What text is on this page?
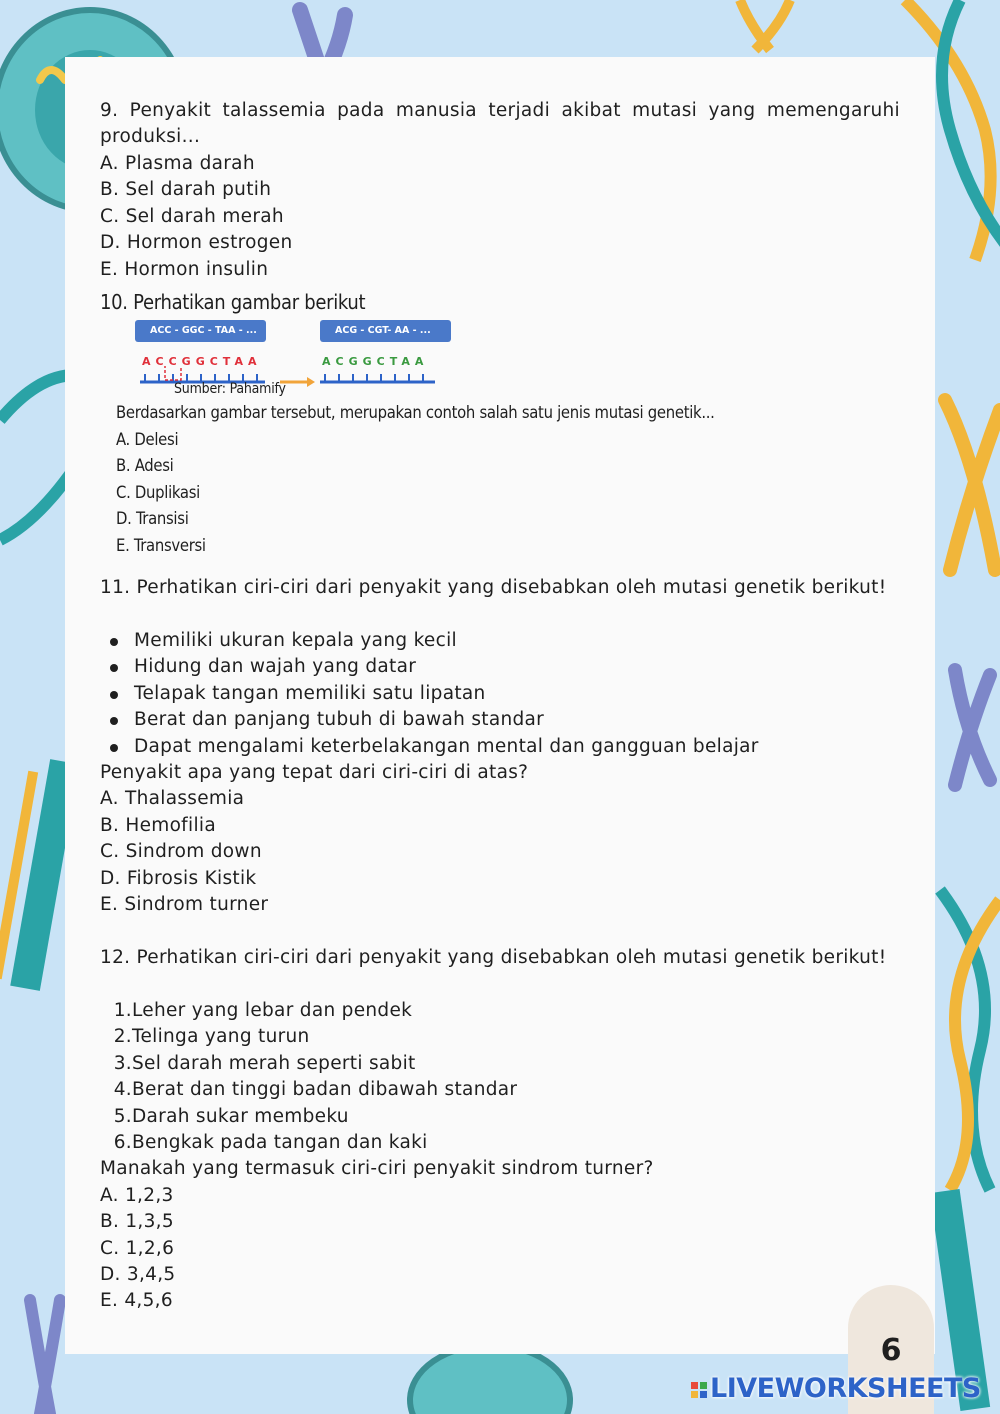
9. Penyakit talassemia pada manusia terjadi akibat mutasi yang memengaruhi produksi...
A. Plasma darah
B. Sel darah putih
C. Sel darah merah
D. Hormon estrogen
E. Hormon insulin
10. Perhatikan gambar berikut
ACC - GGC - TAA - ...	ACG - CGT- AA - ...
ACCGGCTAA	ACGGCTAA
Sumber: Pahamify
Berdasarkan gambar tersebut, merupakan contoh salah satu jenis mutasi genetik...
A. Delesi
B. Adesi
C. Duplikasi
D. Transisi
E. Transversi
11. Perhatikan ciri-ciri dari penyakit yang disebabkan oleh mutasi genetik berikut!
Memiliki ukuran kepala yang kecil
Hidung dan wajah yang datar
Telapak tangan memiliki satu lipatan
Berat dan panjang tubuh di bawah standar
Dapat mengalami keterbelakangan mental dan gangguan belajar
Penyakit apa yang tepat dari ciri-ciri di atas?
A. Thalassemia
B. Hemofilia
C. Sindrom down
D. Fibrosis Kistik
E. Sindrom turner
12. Perhatikan ciri-ciri dari penyakit yang disebabkan oleh mutasi genetik berikut!
1.Leher yang lebar dan pendek
2.Telinga yang turun
3.Sel darah merah seperti sabit
4.Berat dan tinggi badan dibawah standar
5.Darah sukar membeku
6.Bengkak pada tangan dan kaki
Manakah yang termasuk ciri-ciri penyakit sindrom turner?
A. 1,2,3
B. 1,3,5
C. 1,2,6
D. 3,4,5
E. 4,5,6
6
LIVEWORKSHEETS
